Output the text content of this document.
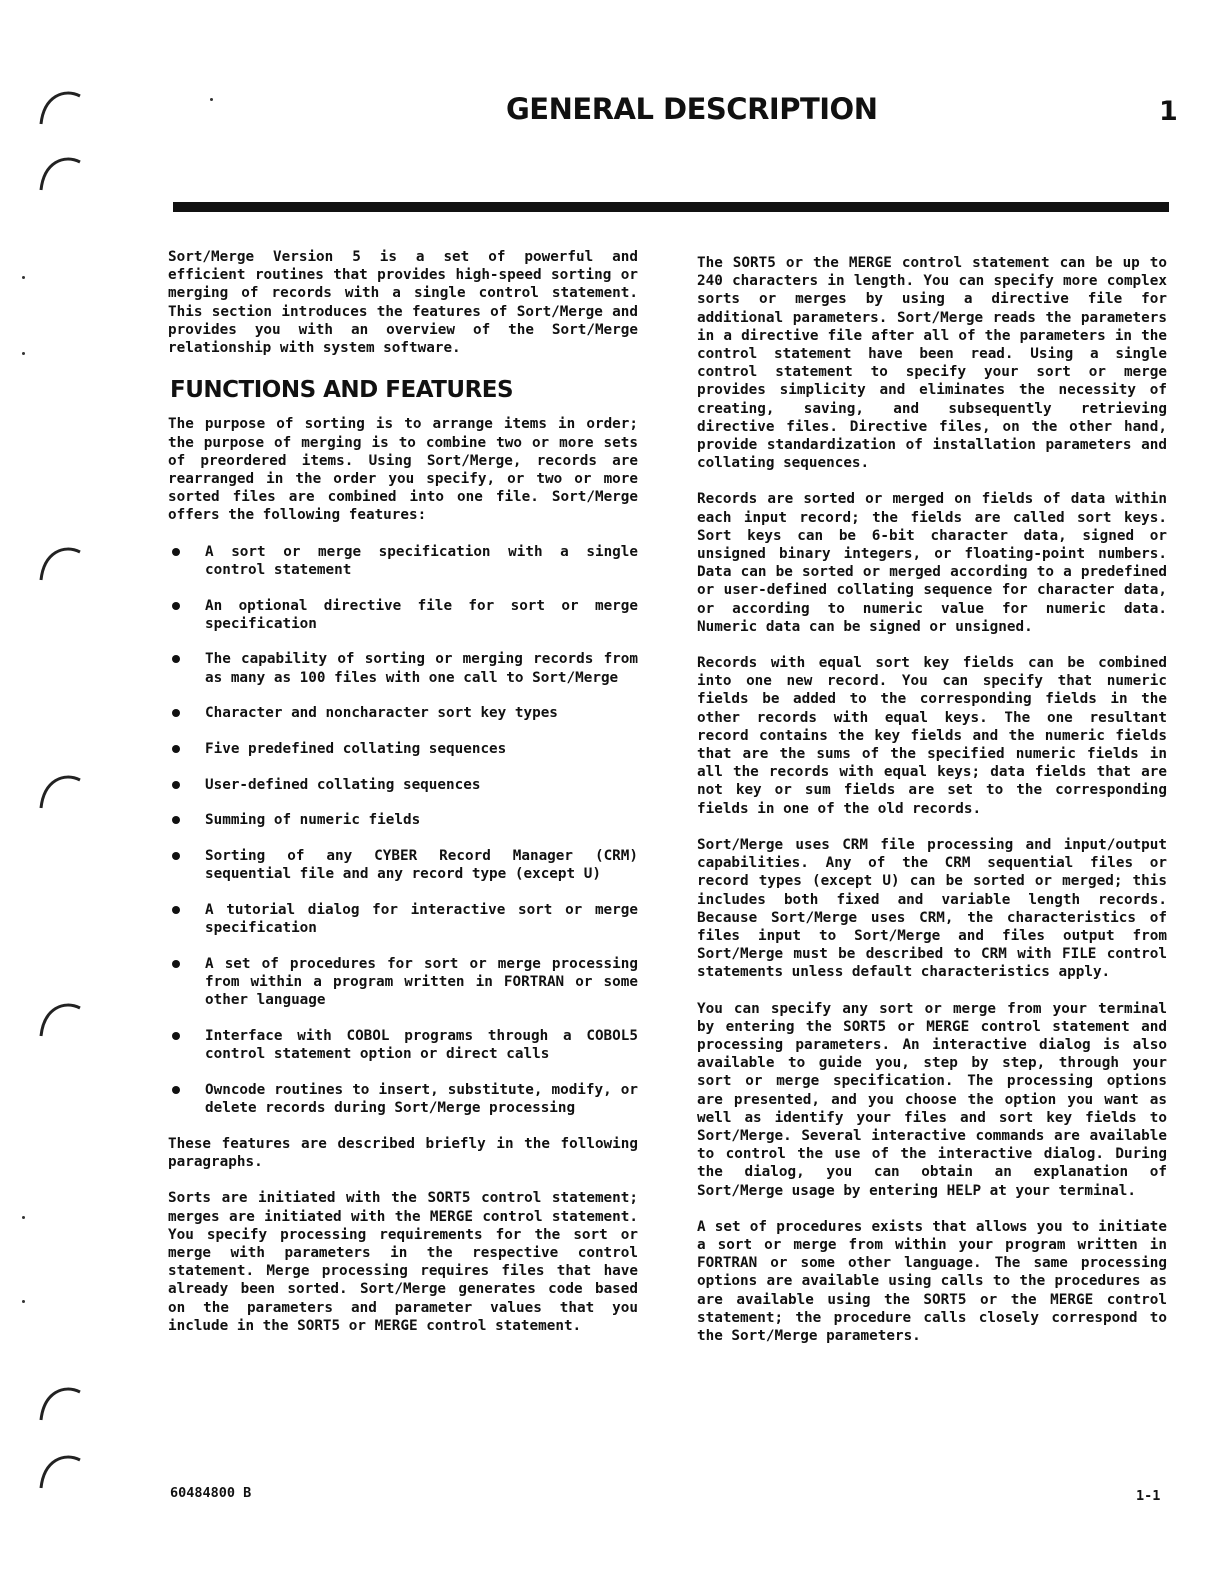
GENERAL DESCRIPTION	1

Sort/Merge Version 5 is a set of powerful and efficient routines that provides high-speed sorting or merging of records with a single control statement. This section introduces the features of Sort/Merge and provides you with an overview of the Sort/Merge relationship with system software.

FUNCTIONS AND FEATURES

The purpose of sorting is to arrange items in order; the purpose of merging is to combine two or more sets of preordered items. Using Sort/Merge, records are rearranged in the order you specify, or two or more sorted files are combined into one file. Sort/Merge offers the following features:

A sort or merge specification with a single control statement
An optional directive file for sort or merge specification
The capability of sorting or merging records from as many as 100 files with one call to Sort/Merge
Character and noncharacter sort key types
Five predefined collating sequences
User-defined collating sequences
Summing of numeric fields
Sorting of any CYBER Record Manager (CRM) sequential file and any record type (except U)
A tutorial dialog for interactive sort or merge specification
A set of procedures for sort or merge processing from within a program written in FORTRAN or some other language
Interface with COBOL programs through a COBOL5 control statement option or direct calls
Owncode routines to insert, substitute, modify, or delete records during Sort/Merge processing

These features are described briefly in the following paragraphs.

Sorts are initiated with the SORT5 control statement; merges are initiated with the MERGE control statement. You specify processing requirements for the sort or merge with parameters in the respective control statement. Merge processing requires files that have already been sorted. Sort/Merge generates code based on the parameters and parameter values that you include in the SORT5 or MERGE control statement.

The SORT5 or the MERGE control statement can be up to 240 characters in length. You can specify more complex sorts or merges by using a directive file for additional parameters. Sort/Merge reads the parameters in a directive file after all of the parameters in the control statement have been read. Using a single control statement to specify your sort or merge provides simplicity and eliminates the necessity of creating, saving, and subsequently retrieving directive files. Directive files, on the other hand, provide standardization of installation parameters and collating sequences.

Records are sorted or merged on fields of data within each input record; the fields are called sort keys. Sort keys can be 6-bit character data, signed or unsigned binary integers, or floating-point numbers. Data can be sorted or merged according to a predefined or user-defined collating sequence for character data, or according to numeric value for numeric data. Numeric data can be signed or unsigned.

Records with equal sort key fields can be combined into one new record. You can specify that numeric fields be added to the corresponding fields in the other records with equal keys. The one resultant record contains the key fields and the numeric fields that are the sums of the specified numeric fields in all the records with equal keys; data fields that are not key or sum fields are set to the corresponding fields in one of the old records.

Sort/Merge uses CRM file processing and input/output capabilities. Any of the CRM sequential files or record types (except U) can be sorted or merged; this includes both fixed and variable length records. Because Sort/Merge uses CRM, the characteristics of files input to Sort/Merge and files output from Sort/Merge must be described to CRM with FILE control statements unless default characteristics apply.

You can specify any sort or merge from your terminal by entering the SORT5 or MERGE control statement and processing parameters. An interactive dialog is also available to guide you, step by step, through your sort or merge specification. The processing options are presented, and you choose the option you want as well as identify your files and sort key fields to Sort/Merge. Several interactive commands are available to control the use of the interactive dialog. During the dialog, you can obtain an explanation of Sort/Merge usage by entering HELP at your terminal.

A set of procedures exists that allows you to initiate a sort or merge from within your program written in FORTRAN or some other language. The same processing options are available using calls to the procedures as are available using the SORT5 or the MERGE control statement; the procedure calls closely correspond to the Sort/Merge parameters.

60484800 B	1-1
